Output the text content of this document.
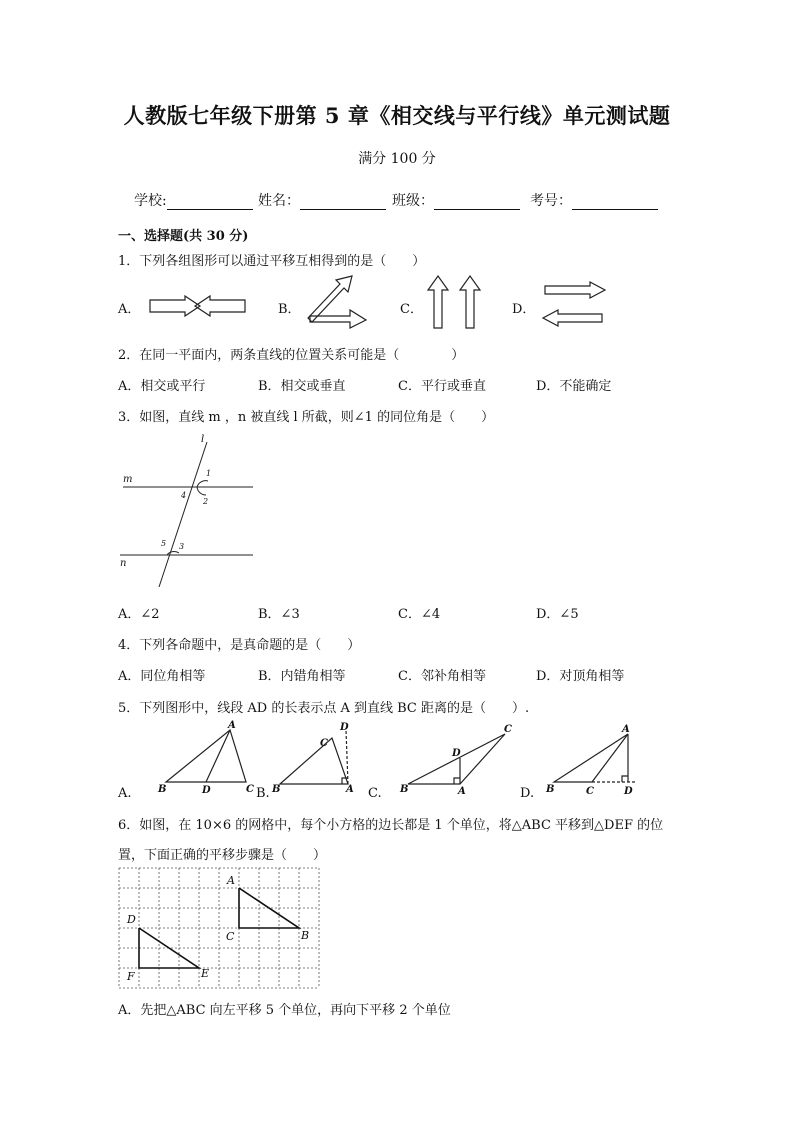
人教版七年级下册第 5 章《相交线与平行线》单元测试题
满分 100 分
学校:	姓名：	班级：	考号：
一、选择题(共 30 分)
1．下列各组图形可以通过平移互相得到的是（　　）
A．	B．	C．	D．
2．在同一平面内，两条直线的位置关系可能是（　　　　）
A．相交或平行	B．相交或垂直	C．平行或垂直	D．不能确定
3．如图，直线 m ，n 被直线 l 所截，则∠1 的同位角是（　　）
l
m
n
1
2
3
4
5
A．∠2	B．∠3	C．∠4	D．∠5
4．下列各命题中，是真命题的是（　　）
A．同位角相等	B．内错角相等	C．邻补角相等	D．对顶角相等
5．下列图形中，线段 AD 的长表示点 A 到直线 BC 距离的是（　　）.
A.	B.	C.	D.
A
B	D	C
C
D
B	A
D
C
B	A
A
B	C	D
6．如图，在 10×6 的网格中，每个小方格的边长都是 1 个单位，将△ABC 平移到△DEF 的位
置，下面正确的平移步骤是（　　）
A
C	B
D
F	E
A．先把△ABC 向左平移 5 个单位，再向下平移 2 个单位
